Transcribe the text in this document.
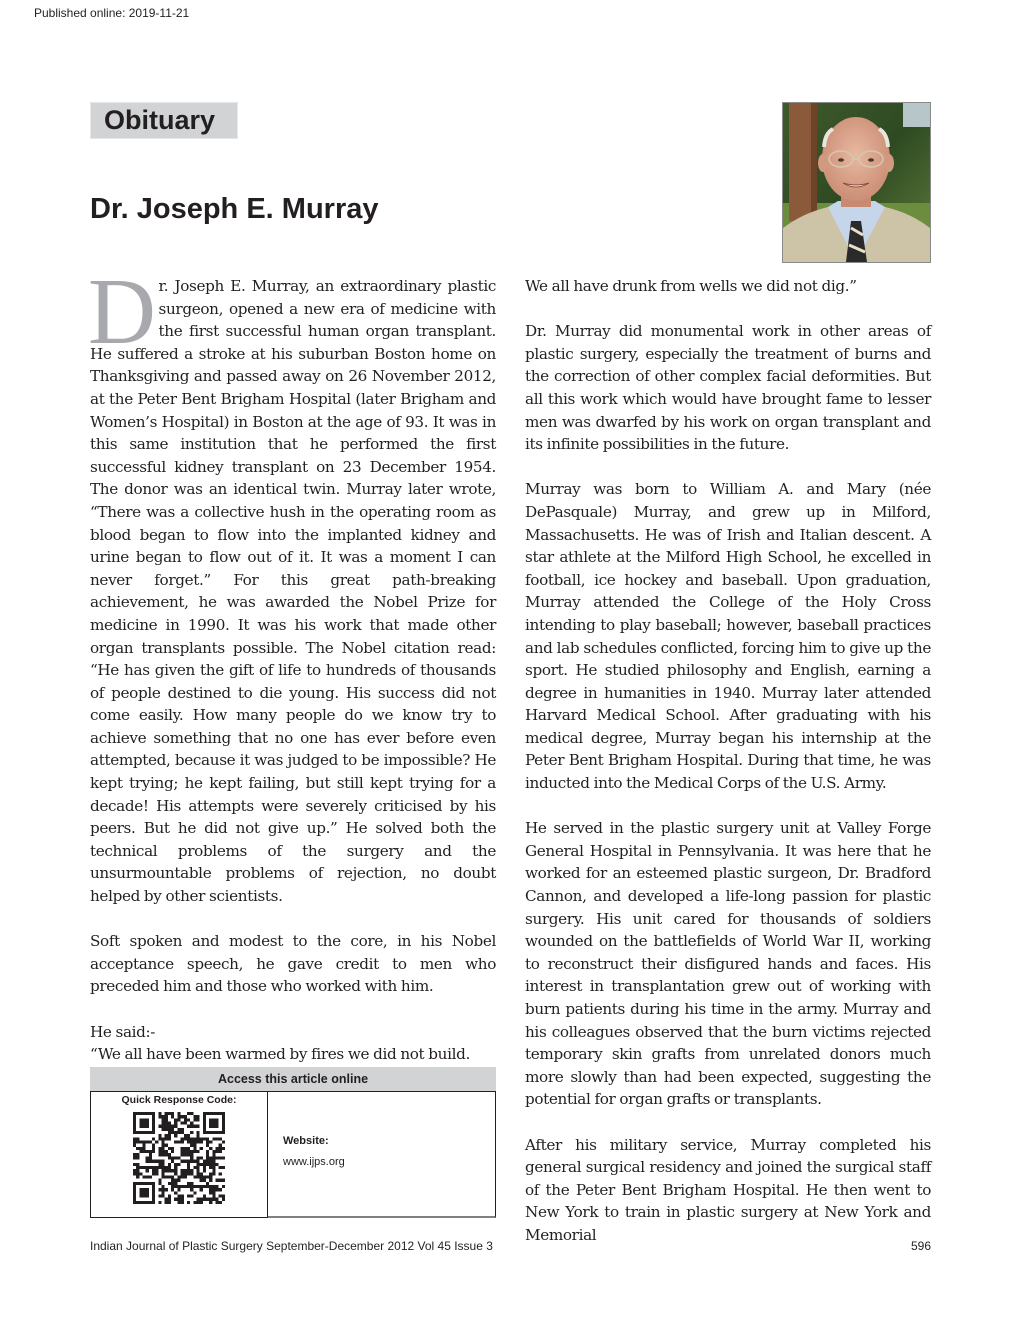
Published online: 2019-11-21
Obituary
Dr. Joseph E. Murray

Dr. Joseph E. Murray, an extraordinary plastic surgeon, opened a new era of medicine with the first successful human organ transplant. He suffered a stroke at his suburban Boston home on Thanksgiving and passed away on 26 November 2012, at the Peter Bent Brigham Hospital (later Brigham and Women’s Hospital) in Boston at the age of 93. It was in this same institution that he performed the first successful kidney transplant on 23 December 1954. The donor was an identical twin. Murray later wrote, “There was a collective hush in the operating room as blood began to flow into the implanted kidney and urine began to flow out of it. It was a moment I can never forget.” For this great path-breaking achievement, he was awarded the Nobel Prize for medicine in 1990. It was his work that made other organ transplants possible. The Nobel citation read: “He has given the gift of life to hundreds of thousands of people destined to die young. His success did not come easily. How many people do we know try to achieve something that no one has ever before even attempted, because it was judged to be impossible? He kept trying; he kept failing, but still kept trying for a decade! His attempts were severely criticised by his peers. But he did not give up.” He solved both the technical problems of the surgery and the unsurmountable problems of rejection, no doubt helped by other scientists.

Soft spoken and modest to the core, in his Nobel acceptance speech, he gave credit to men who preceded him and those who worked with him.

He said:-

“We all have been warmed by fires we did not build.

We all have drunk from wells we did not dig.”

Dr. Murray did monumental work in other areas of plastic surgery, especially the treatment of burns and the correction of other complex facial deformities. But all this work which would have brought fame to lesser men was dwarfed by his work on organ transplant and its infinite possibilities in the future.

Murray was born to William A. and Mary (née DePasquale) Murray, and grew up in Milford, Massachusetts. He was of Irish and Italian descent. A star athlete at the Milford High School, he excelled in football, ice hockey and baseball. Upon graduation, Murray attended the College of the Holy Cross intending to play baseball; however, baseball practices and lab schedules conflicted, forcing him to give up the sport. He studied philosophy and English, earning a degree in humanities in 1940. Murray later attended Harvard Medical School. After graduating with his medical degree, Murray began his internship at the Peter Bent Brigham Hospital. During that time, he was inducted into the Medical Corps of the U.S. Army.

He served in the plastic surgery unit at Valley Forge General Hospital in Pennsylvania. It was here that he worked for an esteemed plastic surgeon, Dr. Bradford Cannon, and developed a life-long passion for plastic surgery. His unit cared for thousands of soldiers wounded on the battlefields of World War II, working to reconstruct their disfigured hands and faces. His interest in transplantation grew out of working with burn patients during his time in the army. Murray and his colleagues observed that the burn victims rejected temporary skin grafts from unrelated donors much more slowly than had been expected, suggesting the potential for organ grafts or transplants.

After his military service, Murray completed his general surgical residency and joined the surgical staff of the Peter Bent Brigham Hospital. He then went to New York to train in plastic surgery at New York and Memorial

Access this article online
Quick Response Code:
Website:
www.ijps.org
Indian Journal of Plastic Surgery September-December 2012 Vol 45 Issue 3	596
